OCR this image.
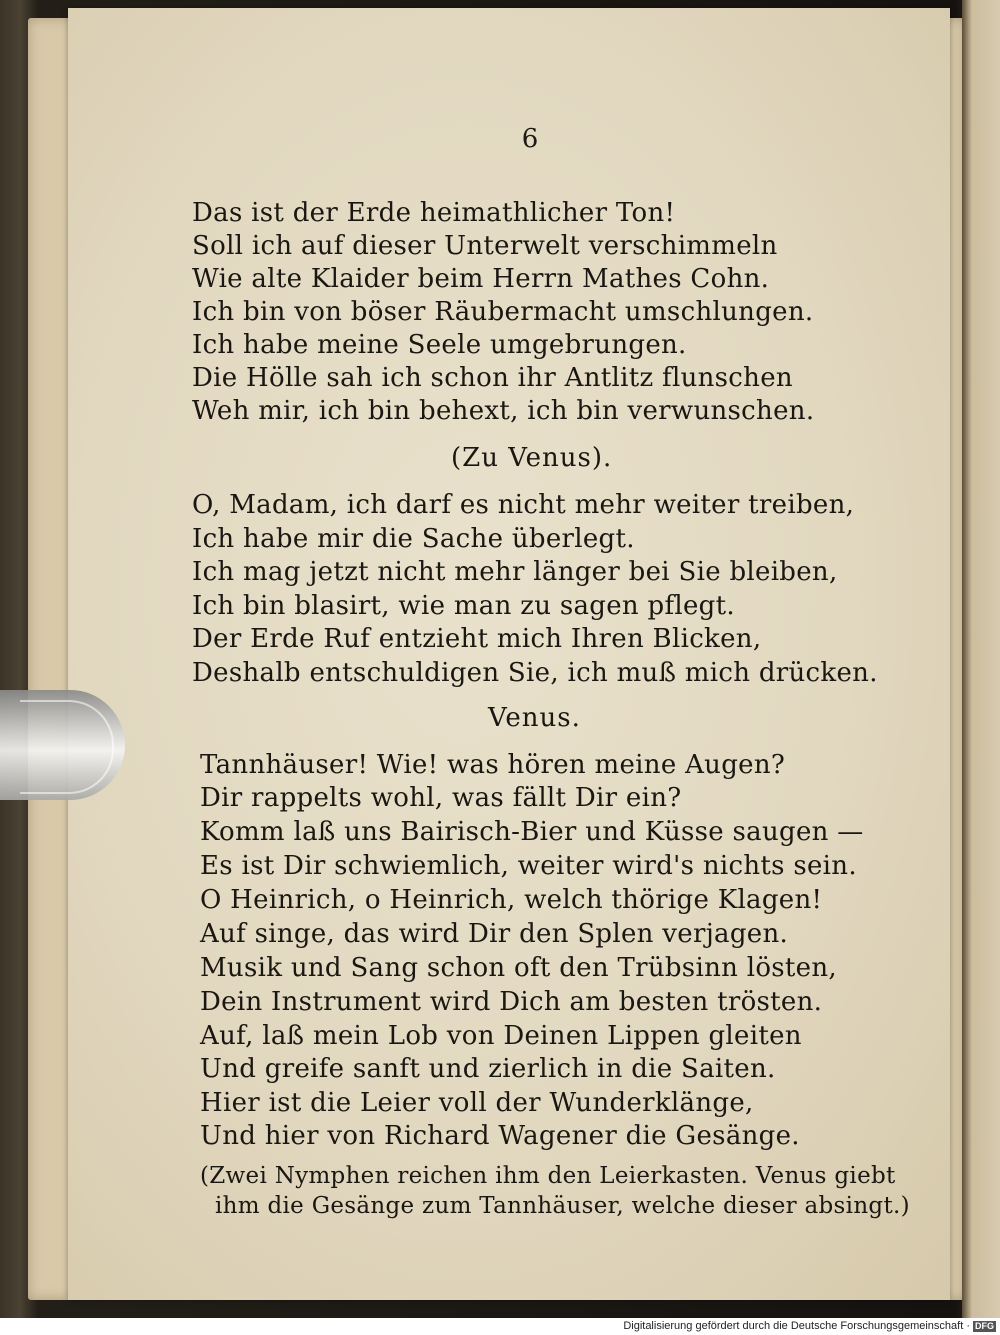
6
Das ist der Erde heimathlicher Ton!
Soll ich auf dieser Unterwelt verschimmeln
Wie alte Klaider beim Herrn Mathes Cohn.
Ich bin von böser Räubermacht umschlungen.
Ich habe meine Seele umgebrungen.
Die Hölle sah ich schon ihr Antlitz flunschen
Weh mir, ich bin behext, ich bin verwunschen.
(Zu Venus).
O, Madam, ich darf es nicht mehr weiter treiben,
Ich habe mir die Sache überlegt.
Ich mag jetzt nicht mehr länger bei Sie bleiben,
Ich bin blasirt, wie man zu sagen pflegt.
Der Erde Ruf entzieht mich Ihren Blicken,
Deshalb entschuldigen Sie, ich muß mich drücken.
Venus.
Tannhäuser! Wie! was hören meine Augen?
Dir rappelts wohl, was fällt Dir ein?
Komm laß uns Bairisch-Bier und Küsse saugen —
Es ist Dir schwiemlich, weiter wird's nichts sein.
O Heinrich, o Heinrich, welch thörige Klagen!
Auf singe, das wird Dir den Splen verjagen.
Musik und Sang schon oft den Trübsinn lösten,
Dein Instrument wird Dich am besten trösten.
Auf, laß mein Lob von Deinen Lippen gleiten
Und greife sanft und zierlich in die Saiten.
Hier ist die Leier voll der Wunderklänge,
Und hier von Richard Wagener die Gesänge.
(Zwei Nymphen reichen ihm den Leierkasten. Venus giebt
ihm die Gesänge zum Tannhäuser, welche dieser absingt.)
Digitalisierung gefördert durch die Deutsche Forschungsgemeinschaft · DFG
